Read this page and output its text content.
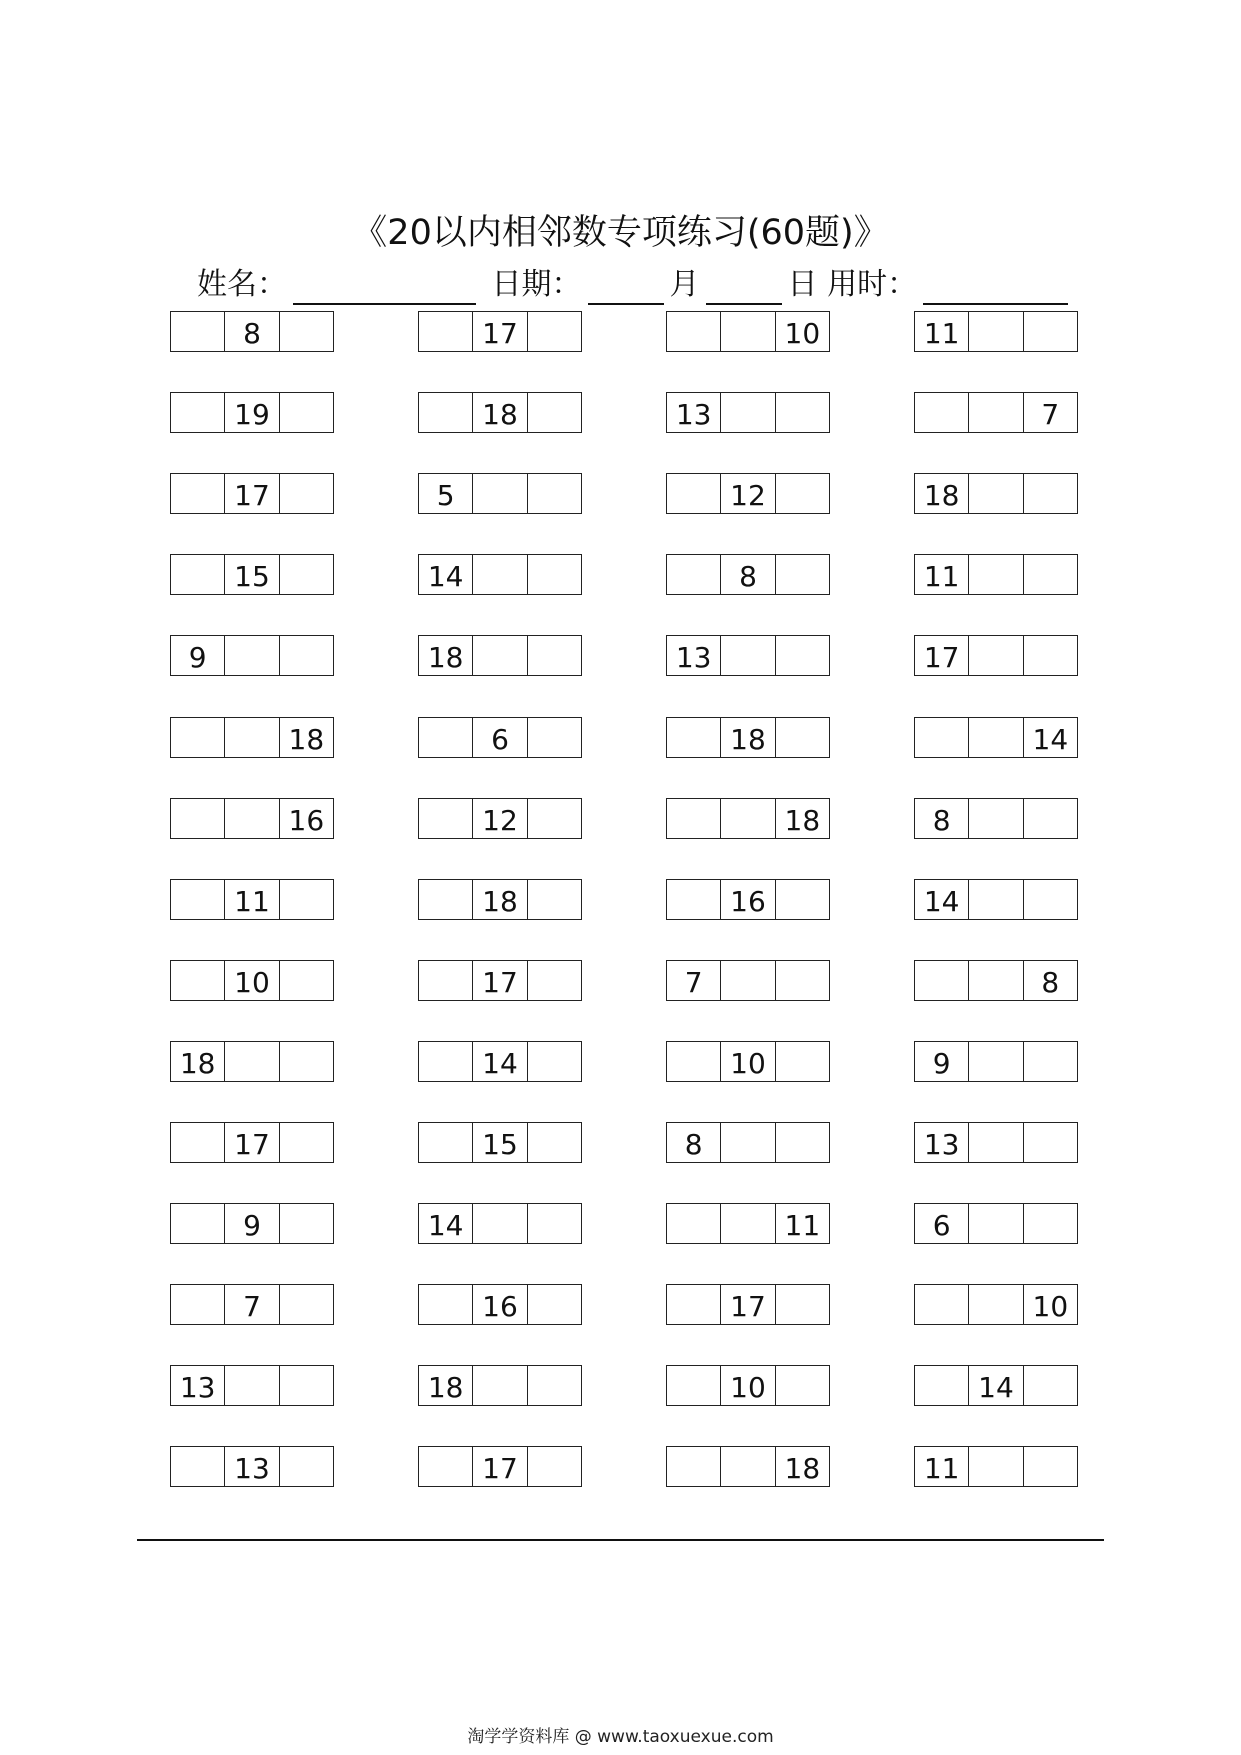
《20以内相邻数专项练习(60题)》
姓名：	日期：	月	日 用时：
8	17	10	11
19	18	13	7
17	5	12	18
15	14	8	11
9	18	13	17
18	6	18	14
16	12	18	8
11	18	16	14
10	17	7	8
18	14	10	9
17	15	8	13
9	14	11	6
7	16	17	10
13	18	10	14
13	17	18	11
淘学学资料库 @ www.taoxuexue.com
